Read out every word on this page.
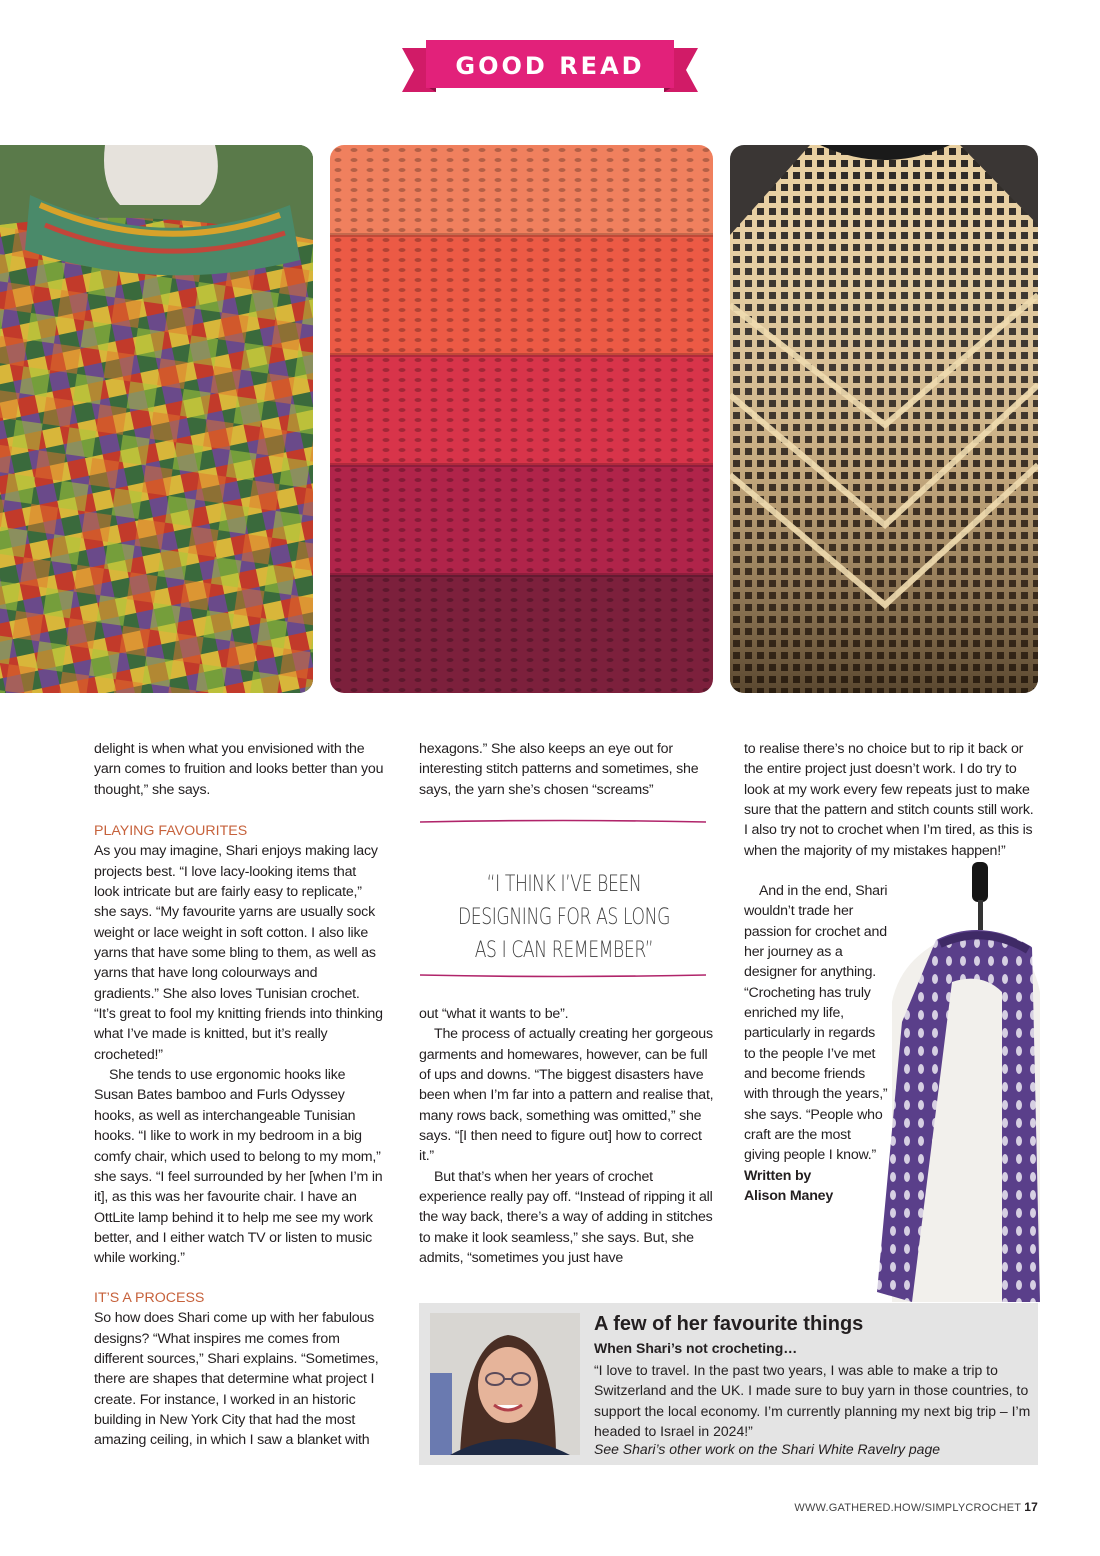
GOOD READ

delight is when what you envisioned with the yarn comes to fruition and looks better than you thought,” she says.

PLAYING FAVOURITES

As you may imagine, Shari enjoys making lacy projects best. “I love lacy-looking items that look intricate but are fairly easy to replicate,” she says. “My favourite yarns are usually sock weight or lace weight in soft cotton. I also like yarns that have some bling to them, as well as yarns that have long colourways and gradients.” She also loves Tunisian crochet. “It’s great to fool my knitting friends into thinking what I’ve made is knitted, but it’s really crocheted!”

She tends to use ergonomic hooks like Susan Bates bamboo and Furls Odyssey hooks, as well as interchangeable Tunisian hooks. “I like to work in my bedroom in a big comfy chair, which used to belong to my mom,” she says. “I feel surrounded by her [when I’m in it], as this was her favourite chair. I have an OttLite lamp behind it to help me see my work better, and I either watch TV or listen to music while working.”

IT’S A PROCESS

So how does Shari come up with her fabulous designs? “What inspires me comes from different sources,” Shari explains. “Sometimes, there are shapes that determine what project I create. For instance, I worked in an historic building in New York City that had the most amazing ceiling, in which I saw a blanket with

hexagons.” She also keeps an eye out for interesting stitch patterns and sometimes, she says, the yarn she’s chosen “screams”

“I THINK I’VE BEEN DESIGNING FOR AS LONG AS I CAN REMEMBER”

out “what it wants to be”.

The process of actually creating her gorgeous garments and homewares, however, can be full of ups and downs. “The biggest disasters have been when I’m far into a pattern and realise that, many rows back, something was omitted,” she says. “[I then need to figure out] how to correct it.”

But that’s when her years of crochet experience really pay off. “Instead of ripping it all the way back, there’s a way of adding in stitches to make it look seamless,” she says. But, she admits, “sometimes you just have

to realise there’s no choice but to rip it back or the entire project just doesn’t work. I do try to look at my work every few repeats just to make sure that the pattern and stitch counts still work. I also try not to crochet when I’m tired, as this is when the majority of my mistakes happen!”

And in the end, Shari wouldn’t trade her passion for crochet and her journey as a designer for anything. “Crocheting has truly enriched my life, particularly in regards to the people I’ve met and become friends with through the years,” she says. “People who craft are the most giving people I know.”

Written by
Alison Maney

A few of her favourite things

When Shari’s not crocheting…

“I love to travel. In the past two years, I was able to make a trip to Switzerland and the UK. I made sure to buy yarn in those countries, to support the local economy. I’m currently planning my next big trip – I’m headed to Israel in 2024!”

See Shari’s other work on the Shari White Ravelry page

WWW.GATHERED.HOW/SIMPLYCROCHET 17
